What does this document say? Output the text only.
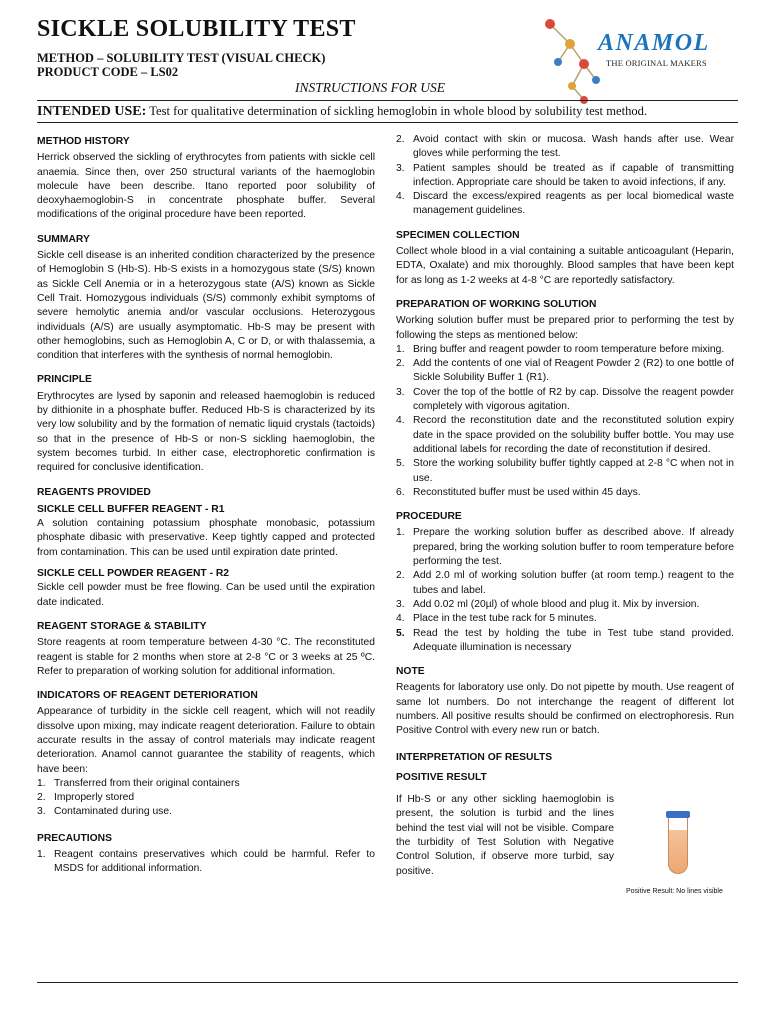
SICKLE SOLUBILITY TEST
METHOD – SOLUBILITY TEST (VISUAL CHECK)
PRODUCT CODE – LS02
INSTRUCTIONS FOR USE
ANAMOL
THE ORIGINAL MAKERS
INTENDED USE: Test for qualitative determination of sickling hemoglobin in whole blood by solubility test method.
METHOD HISTORY

Herrick observed the sickling of erythrocytes from patients with sickle cell anaemia. Since then, over 250 structural variants of the haemoglobin molecule have been describe. Itano reported poor solubility of deoxyhaemoglobin-S in concentrate phosphate buffer. Several modifications of the original procedure have been reported.

SUMMARY

Sickle cell disease is an inherited condition characterized by the presence of Hemoglobin S (Hb-S). Hb-S exists in a homozygous state (S/S) known as Sickle Cell Anemia or in a heterozygous state (A/S) known as Sickle Cell Trait. Homozygous individuals (S/S) commonly exhibit symptoms of severe hemolytic anemia and/or vascular occlusions. Heterozygous individuals (A/S) are usually asymptomatic. Hb-S may be present with other hemoglobins, such as Hemoglobin A, C or D, or with thalassemia, a condition that interferes with the synthesis of normal hemoglobin.

PRINCIPLE

Erythrocytes are lysed by saponin and released haemoglobin is reduced by dithionite in a phosphate buffer. Reduced Hb-S is characterized by its very low solubility and by the formation of nematic liquid crystals (tactoids) so that in the presence of Hb-S or non-S sickling haemoglobin, the system becomes turbid. In either case, electrophoretic confirmation is required for conclusive identification.

REAGENTS PROVIDED
SICKLE CELL BUFFER REAGENT - R1

A solution containing potassium phosphate monobasic, potassium phosphate dibasic with preservative. Keep tightly capped and protected from contamination. This can be used until expiration date printed.

SICKLE CELL POWDER REAGENT - R2

Sickle cell powder must be free flowing. Can be used until the expiration date indicated.

REAGENT STORAGE & STABILITY

Store reagents at room temperature between 4-30 °C. The reconstituted reagent is stable for 2 months when store at 2-8 °C or 3 weeks at 25 ºC. Refer to preparation of working solution for additional information.

INDICATORS OF REAGENT DETERIORATION

Appearance of turbidity in the sickle cell reagent, which will not readily dissolve upon mixing, may indicate reagent deterioration. Failure to obtain accurate results in the assay of control materials may indicate reagent deterioration. Anamol cannot guarantee the stability of reagents, which have been:

1. Transferred from their original containers
2. Improperly stored
3. Contaminated during use.
PRECAUTIONS
1. Reagent contains preservatives which could be harmful. Refer to MSDS for additional information.
2. Avoid contact with skin or mucosa. Wash hands after use. Wear gloves while performing the test.
3. Patient samples should be treated as if capable of transmitting infection. Appropriate care should be taken to avoid infections, if any.
4. Discard the excess/expired reagents as per local biomedical waste management guidelines.
SPECIMEN COLLECTION

Collect whole blood in a vial containing a suitable anticoagulant (Heparin, EDTA, Oxalate) and mix thoroughly. Blood samples that have been kept for as long as 1-2 weeks at 4-8 °C are reportedly satisfactory.

PREPARATION OF WORKING SOLUTION

Working solution buffer must be prepared prior to performing the test by following the steps as mentioned below:

1. Bring buffer and reagent powder to room temperature before mixing.
2. Add the contents of one vial of Reagent Powder 2 (R2) to one bottle of Sickle Solubility Buffer 1 (R1).
3. Cover the top of the bottle of R2 by cap. Dissolve the reagent powder completely with vigorous agitation.
4. Record the reconstitution date and the reconstituted solution expiry date in the space provided on the solubility buffer bottle. You may use additional labels for recording the date of reconstitution if desired.
5. Store the working solubility buffer tightly capped at 2-8 °C when not in use.
6. Reconstituted buffer must be used within 45 days.
PROCEDURE
1. Prepare the working solution buffer as described above. If already prepared, bring the working solution buffer to room temperature before performing the test.
2. Add 2.0 ml of working solution buffer (at room temp.) reagent to the tubes and label.
3. Add 0.02 ml (20µl) of whole blood and plug it. Mix by inversion.
4. Place in the test tube rack for 5 minutes.
5. Read the test by holding the tube in Test tube stand provided. Adequate illumination is necessary
NOTE

Reagents for laboratory use only. Do not pipette by mouth. Use reagent of same lot numbers. Do not interchange the reagent of different lot numbers. All positive results should be confirmed on electrophoresis. Run Positive Control with every new run or batch.

INTERPRETATION OF RESULTS
POSITIVE RESULT

If Hb-S or any other sickling haemoglobin is present, the solution is turbid and the lines behind the test vial will not be visible. Compare the turbidity of Test Solution with Negative Control Solution, if observe more turbid, say positive.

Positive Result: No lines visible
